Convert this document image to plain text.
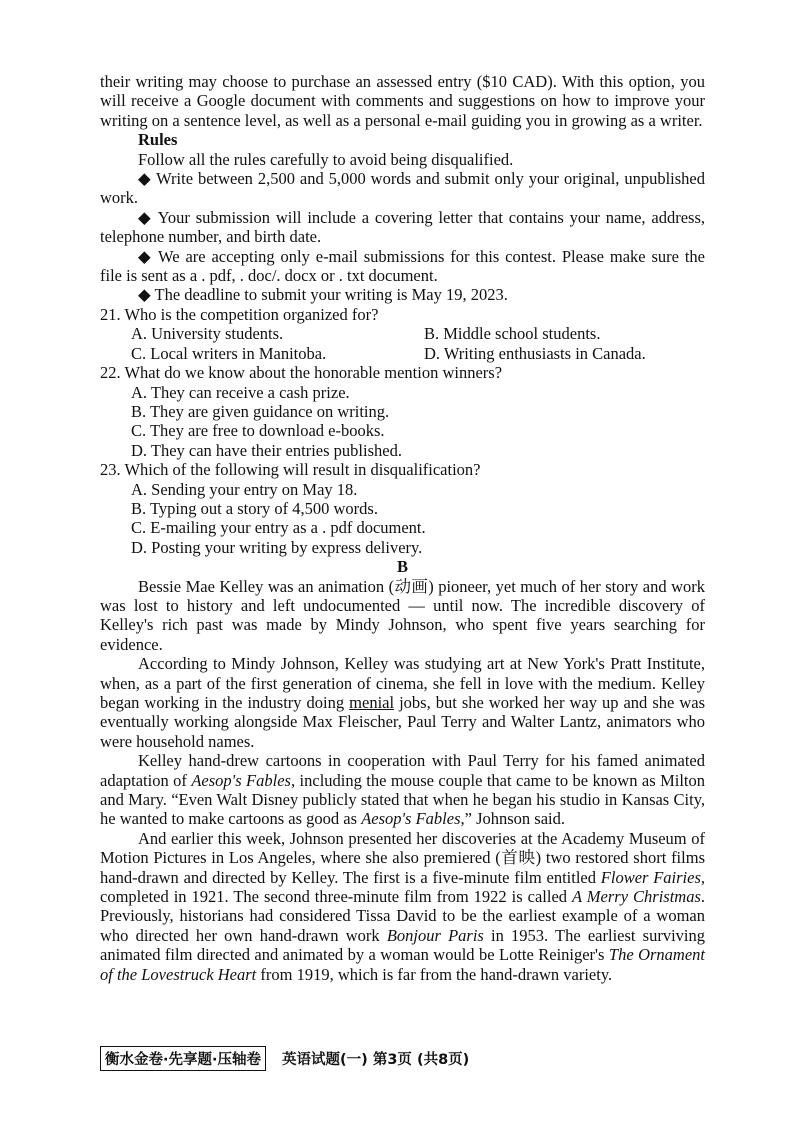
their writing may choose to purchase an assessed entry ($10 CAD). With this option, you will receive a Google document with comments and suggestions on how to improve your writing on a sentence level, as well as a personal e-mail guiding you in growing as a writer.

Rules

Follow all the rules carefully to avoid being disqualified.

◆ Write between 2,500 and 5,000 words and submit only your original, unpublished work.

◆ Your submission will include a covering letter that contains your name, address, telephone number, and birth date.

◆ We are accepting only e-mail submissions for this contest. Please make sure the file is sent as a . pdf, . doc/. docx or . txt document.

◆ The deadline to submit your writing is May 19, 2023.

21. Who is the competition organized for?

A. University students.	B. Middle school students.
C. Local writers in Manitoba.	D. Writing enthusiasts in Canada.

22. What do we know about the honorable mention winners?

A. They can receive a cash prize.

B. They are given guidance on writing.

C. They are free to download e-books.

D. They can have their entries published.

23. Which of the following will result in disqualification?

A. Sending your entry on May 18.

B. Typing out a story of 4,500 words.

C. E-mailing your entry as a . pdf document.

D. Posting your writing by express delivery.

B

Bessie Mae Kelley was an animation (动画) pioneer, yet much of her story and work was lost to history and left undocumented — until now. The incredible discovery of Kelley's rich past was made by Mindy Johnson, who spent five years searching for evidence.

According to Mindy Johnson, Kelley was studying art at New York's Pratt Institute, when, as a part of the first generation of cinema, she fell in love with the medium. Kelley began working in the industry doing menial jobs, but she worked her way up and she was eventually working alongside Max Fleischer, Paul Terry and Walter Lantz, animators who were household names.

Kelley hand-drew cartoons in cooperation with Paul Terry for his famed animated adaptation of Aesop's Fables, including the mouse couple that came to be known as Milton and Mary. “Even Walt Disney publicly stated that when he began his studio in Kansas City, he wanted to make cartoons as good as Aesop's Fables,” Johnson said.

And earlier this week, Johnson presented her discoveries at the Academy Museum of Motion Pictures in Los Angeles, where she also premiered (首映) two restored short films hand-drawn and directed by Kelley. The first is a five-minute film entitled Flower Fairies, completed in 1921. The second three-minute film from 1922 is called A Merry Christmas. Previously, historians had considered Tissa David to be the earliest example of a woman who directed her own hand-drawn work Bonjour Paris in 1953. The earliest surviving animated film directed and animated by a woman would be Lotte Reiniger's The Ornament of the Lovestruck Heart from 1919, which is far from the hand-drawn variety.

衡水金卷·先享题·压轴卷	英语试题(一) 第3页 (共8页)
